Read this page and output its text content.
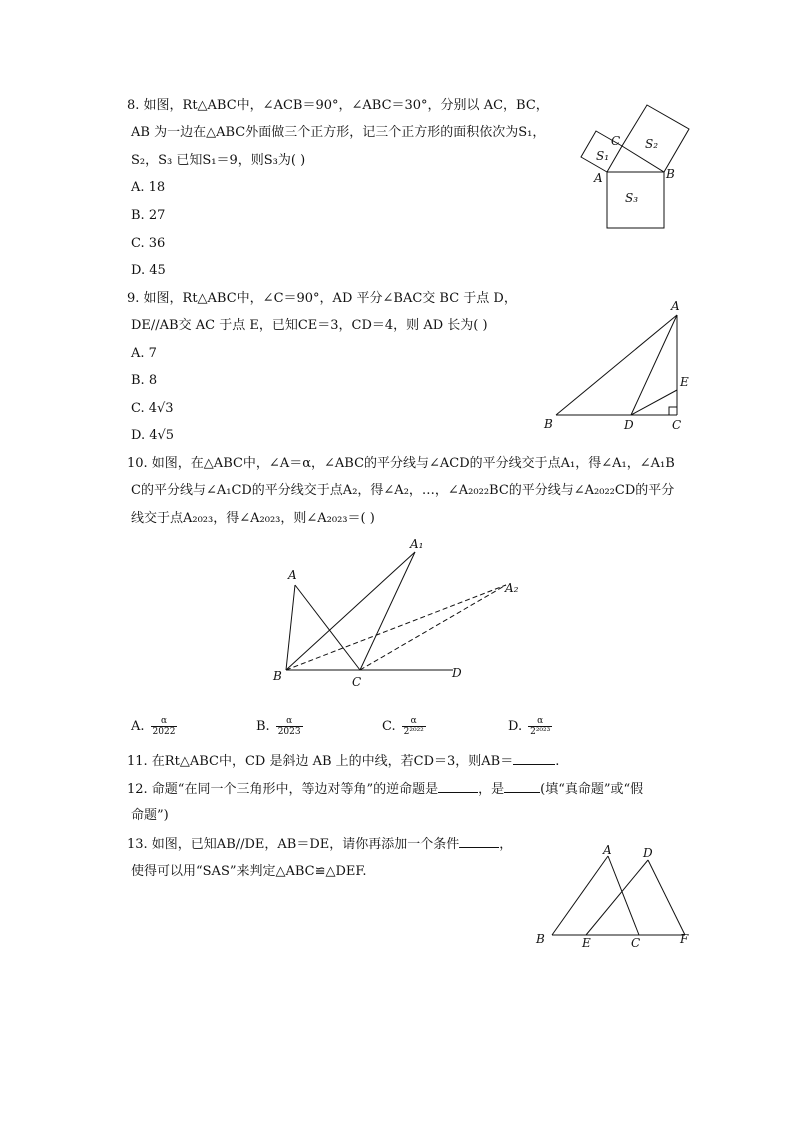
8. 如图，Rt△ABC中，∠ACB＝90°，∠ABC＝30°，分别以 AC，BC，
AB 为一边在△ABC外面做三个正方形，记三个正方形的面积依次为S₁，
S₂，S₃ 已知S₁＝9，则S₃为( )
A. 18
B. 27
C. 36
D. 45
A	B
C
S₁
S₂
S₃
9. 如图，Rt△ABC中，∠C＝90°，AD 平分∠BAC交 BC 于点 D，
DE//AB交 AC 于点 E，已知CE＝3，CD＝4，则 AD 长为( )
A. 7
B. 8
C. 4√3
D. 4√5
A
B	C
D
E
10. 如图，在△ABC中，∠A＝α，∠ABC的平分线与∠ACD的平分线交于点A₁，得∠A₁，∠A₁B
C的平分线与∠A₁CD的平分线交于点A₂，得∠A₂，…，∠A₂₀₂₂BC的平分线与∠A₂₀₂₂CD的平分
线交于点A₂₀₂₃，得∠A₂₀₂₃，则∠A₂₀₂₃＝( )
A
A₁
A₂
B	C
D
A. $\frac{\alpha}{2022}$	B. $\frac{\alpha}{2023}$	C. $\frac{\alpha}{\text{2²⁰²²}}$	D. $\frac{\alpha}{\text{2²⁰²³}}$
11. 在Rt△ABC中，CD 是斜边 AB 上的中线，若CD＝3，则AB＝	.
12. 命题“在同一个三角形中，等边对等角”的逆命题是	，是	(填“真命题”或“假
命题”)
13. 如图，已知AB//DE，AB＝DE，请你再添加一个条件	，
使得可以用“SAS”来判定△ABC≌△DEF.
A
B	C
D
E	F
